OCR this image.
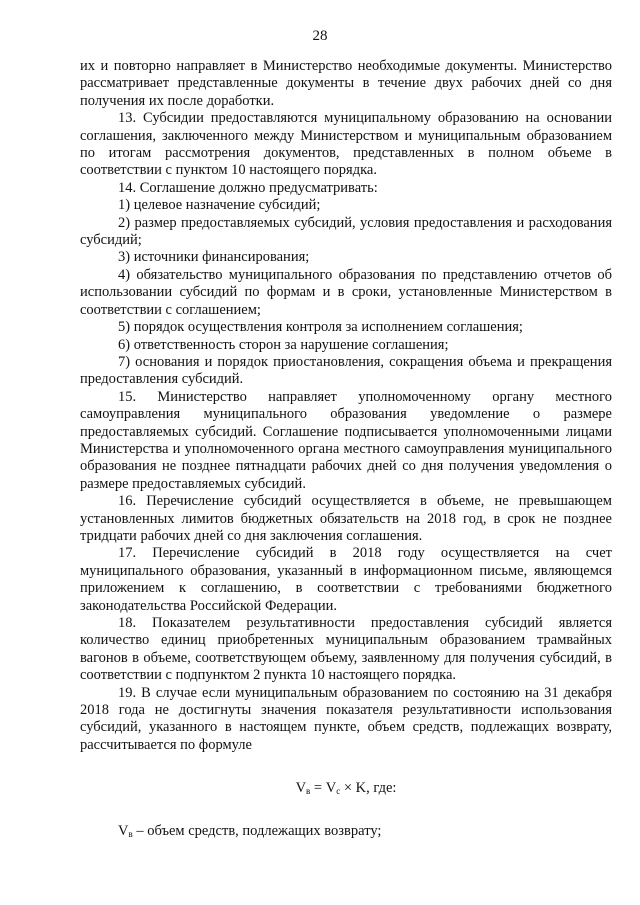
28

их и повторно направляет в Министерство необходимые документы. Министерство рассматривает представленные документы в течение двух рабочих дней со дня получения их после доработки.

13. Субсидии предоставляются муниципальному образованию на основании соглашения, заключенного между Министерством и муниципальным образованием по итогам рассмотрения документов, представленных в полном объеме в соответствии с пунктом 10 настоящего порядка.

14. Соглашение должно предусматривать:

1) целевое назначение субсидий;

2) размер предоставляемых субсидий, условия предоставления и расходования субсидий;

3) источники финансирования;

4) обязательство муниципального образования по представлению отчетов об использовании субсидий по формам и в сроки, установленные Министерством в соответствии с соглашением;

5) порядок осуществления контроля за исполнением соглашения;

6) ответственность сторон за нарушение соглашения;

7) основания и порядок приостановления, сокращения объема и прекращения предоставления субсидий.

15. Министерство направляет уполномоченному органу местного самоуправления муниципального образования уведомление о размере предоставляемых субсидий. Соглашение подписывается уполномоченными лицами Министерства и уполномоченного органа местного самоуправления муниципального образования не позднее пятнадцати рабочих дней со дня получения уведомления о размере предоставляемых субсидий.

16. Перечисление субсидий осуществляется в объеме, не превышающем установленных лимитов бюджетных обязательств на 2018 год, в срок не позднее тридцати рабочих дней со дня заключения соглашения.

17. Перечисление субсидий в 2018 году осуществляется на счет муниципального образования, указанный в информационном письме, являющемся приложением к соглашению, в соответствии с требованиями бюджетного законодательства Российской Федерации.

18. Показателем результативности предоставления субсидий является количество единиц приобретенных муниципальным образованием трамвайных вагонов в объеме, соответствующем объему, заявленному для получения субсидий, в соответствии с подпунктом 2 пункта 10 настоящего порядка.

19. В случае если муниципальным образованием по состоянию на 31 декабря 2018 года не достигнуты значения показателя результативности использования субсидий, указанного в настоящем пункте, объем средств, подлежащих возврату, рассчитывается по формуле

$V_в = V_c \times K$, где:

$V_в$ – объем средств, подлежащих возврату;
